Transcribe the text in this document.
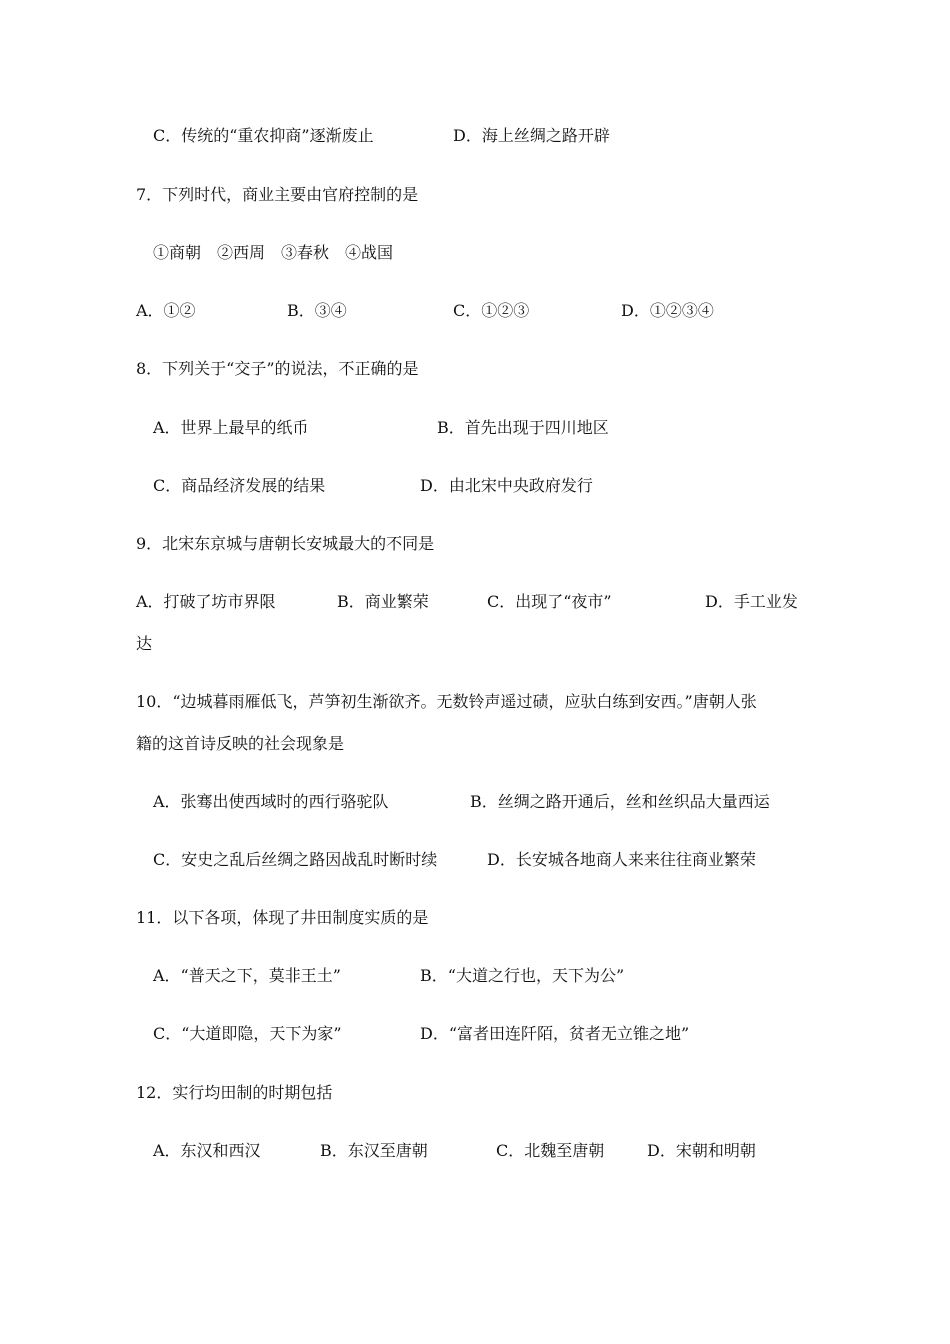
C．传统的“重农抑商”逐渐废止	D．海上丝绸之路开辟
7．下列时代，商业主要由官府控制的是
①商朝　②西周　③春秋　④战国
A．①②	B．③④	C．①②③	D．①②③④
8．下列关于“交子”的说法，不正确的是
A．世界上最早的纸币	B．首先出现于四川地区
C．商品经济发展的结果	D．由北宋中央政府发行
9．北宋东京城与唐朝长安城最大的不同是
A．打破了坊市界限	B．商业繁荣	C．出现了“夜市”	D．手工业发
达
10．“边城暮雨雁低飞，芦笋初生渐欲齐。无数铃声遥过碛，应驮白练到安西。”唐朝人张
籍的这首诗反映的社会现象是
A．张骞出使西域时的西行骆驼队	B．丝绸之路开通后，丝和丝织品大量西运
C．安史之乱后丝绸之路因战乱时断时续	D．长安城各地商人来来往往商业繁荣
11．以下各项，体现了井田制度实质的是
A．“普天之下，莫非王土”	B．“大道之行也，天下为公”
C．“大道即隐，天下为家”	D．“富者田连阡陌，贫者无立锥之地”
12．实行均田制的时期包括
A．东汉和西汉	B．东汉至唐朝	C．北魏至唐朝	D．宋朝和明朝
